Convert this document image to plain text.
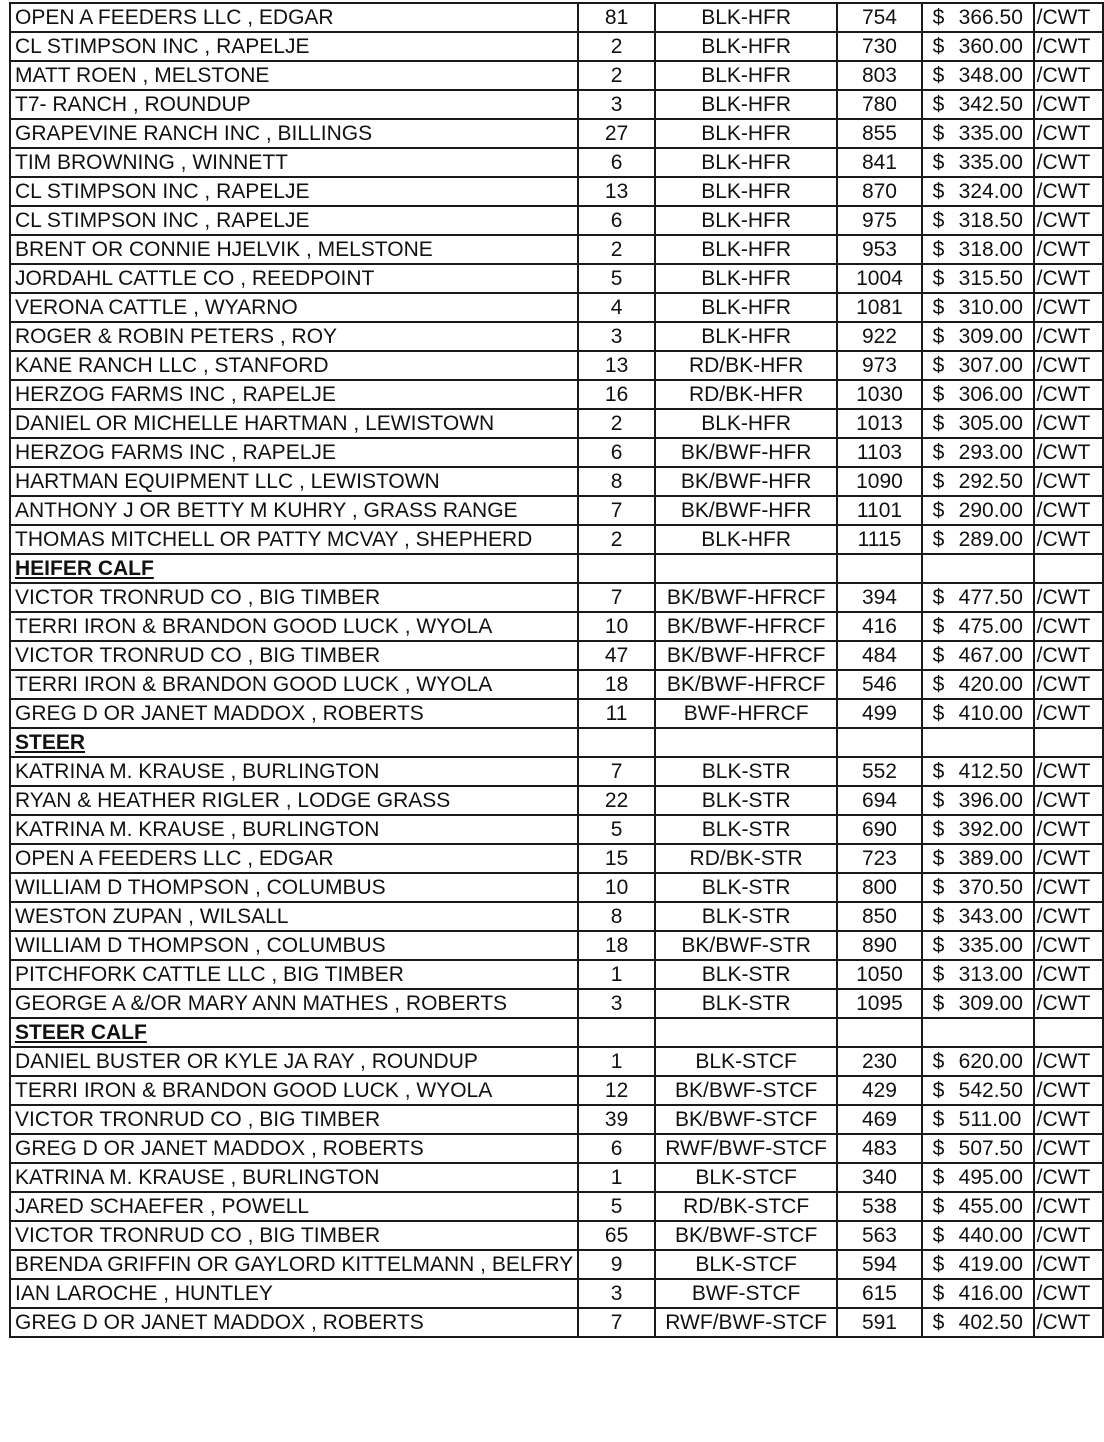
OPEN A FEEDERS LLC , EDGAR	81	BLK-HFR	754	$ 366.50	/CWT
CL STIMPSON INC , RAPELJE	2	BLK-HFR	730	$ 360.00	/CWT
MATT ROEN , MELSTONE	2	BLK-HFR	803	$ 348.00	/CWT
T7- RANCH , ROUNDUP	3	BLK-HFR	780	$ 342.50	/CWT
GRAPEVINE RANCH INC , BILLINGS	27	BLK-HFR	855	$ 335.00	/CWT
TIM BROWNING , WINNETT	6	BLK-HFR	841	$ 335.00	/CWT
CL STIMPSON INC , RAPELJE	13	BLK-HFR	870	$ 324.00	/CWT
CL STIMPSON INC , RAPELJE	6	BLK-HFR	975	$ 318.50	/CWT
BRENT OR CONNIE HJELVIK , MELSTONE	2	BLK-HFR	953	$ 318.00	/CWT
JORDAHL CATTLE CO , REEDPOINT	5	BLK-HFR	1004	$ 315.50	/CWT
VERONA CATTLE , WYARNO	4	BLK-HFR	1081	$ 310.00	/CWT
ROGER & ROBIN PETERS , ROY	3	BLK-HFR	922	$ 309.00	/CWT
KANE RANCH LLC , STANFORD	13	RD/BK-HFR	973	$ 307.00	/CWT
HERZOG FARMS INC , RAPELJE	16	RD/BK-HFR	1030	$ 306.00	/CWT
DANIEL OR MICHELLE HARTMAN , LEWISTOWN	2	BLK-HFR	1013	$ 305.00	/CWT
HERZOG FARMS INC , RAPELJE	6	BK/BWF-HFR	1103	$ 293.00	/CWT
HARTMAN EQUIPMENT LLC , LEWISTOWN	8	BK/BWF-HFR	1090	$ 292.50	/CWT
ANTHONY J OR BETTY M KUHRY , GRASS RANGE	7	BK/BWF-HFR	1101	$ 290.00	/CWT
THOMAS MITCHELL OR PATTY MCVAY , SHEPHERD	2	BLK-HFR	1115	$ 289.00	/CWT
HEIFER CALF					
VICTOR TRONRUD CO , BIG TIMBER	7	BK/BWF-HFRCF	394	$ 477.50	/CWT
TERRI IRON & BRANDON GOOD LUCK , WYOLA	10	BK/BWF-HFRCF	416	$ 475.00	/CWT
VICTOR TRONRUD CO , BIG TIMBER	47	BK/BWF-HFRCF	484	$ 467.00	/CWT
TERRI IRON & BRANDON GOOD LUCK , WYOLA	18	BK/BWF-HFRCF	546	$ 420.00	/CWT
GREG D OR JANET MADDOX , ROBERTS	11	BWF-HFRCF	499	$ 410.00	/CWT
STEER					
KATRINA M. KRAUSE , BURLINGTON	7	BLK-STR	552	$ 412.50	/CWT
RYAN & HEATHER RIGLER , LODGE GRASS	22	BLK-STR	694	$ 396.00	/CWT
KATRINA M. KRAUSE , BURLINGTON	5	BLK-STR	690	$ 392.00	/CWT
OPEN A FEEDERS LLC , EDGAR	15	RD/BK-STR	723	$ 389.00	/CWT
WILLIAM D THOMPSON , COLUMBUS	10	BLK-STR	800	$ 370.50	/CWT
WESTON ZUPAN , WILSALL	8	BLK-STR	850	$ 343.00	/CWT
WILLIAM D THOMPSON , COLUMBUS	18	BK/BWF-STR	890	$ 335.00	/CWT
PITCHFORK CATTLE LLC , BIG TIMBER	1	BLK-STR	1050	$ 313.00	/CWT
GEORGE A &/OR MARY ANN MATHES , ROBERTS	3	BLK-STR	1095	$ 309.00	/CWT
STEER CALF					
DANIEL BUSTER OR KYLE JA RAY , ROUNDUP	1	BLK-STCF	230	$ 620.00	/CWT
TERRI IRON & BRANDON GOOD LUCK , WYOLA	12	BK/BWF-STCF	429	$ 542.50	/CWT
VICTOR TRONRUD CO , BIG TIMBER	39	BK/BWF-STCF	469	$ 511.00	/CWT
GREG D OR JANET MADDOX , ROBERTS	6	RWF/BWF-STCF	483	$ 507.50	/CWT
KATRINA M. KRAUSE , BURLINGTON	1	BLK-STCF	340	$ 495.00	/CWT
JARED SCHAEFER , POWELL	5	RD/BK-STCF	538	$ 455.00	/CWT
VICTOR TRONRUD CO , BIG TIMBER	65	BK/BWF-STCF	563	$ 440.00	/CWT
BRENDA GRIFFIN OR GAYLORD KITTELMANN , BELFRY	9	BLK-STCF	594	$ 419.00	/CWT
IAN LAROCHE , HUNTLEY	3	BWF-STCF	615	$ 416.00	/CWT
GREG D OR JANET MADDOX , ROBERTS	7	RWF/BWF-STCF	591	$ 402.50	/CWT
